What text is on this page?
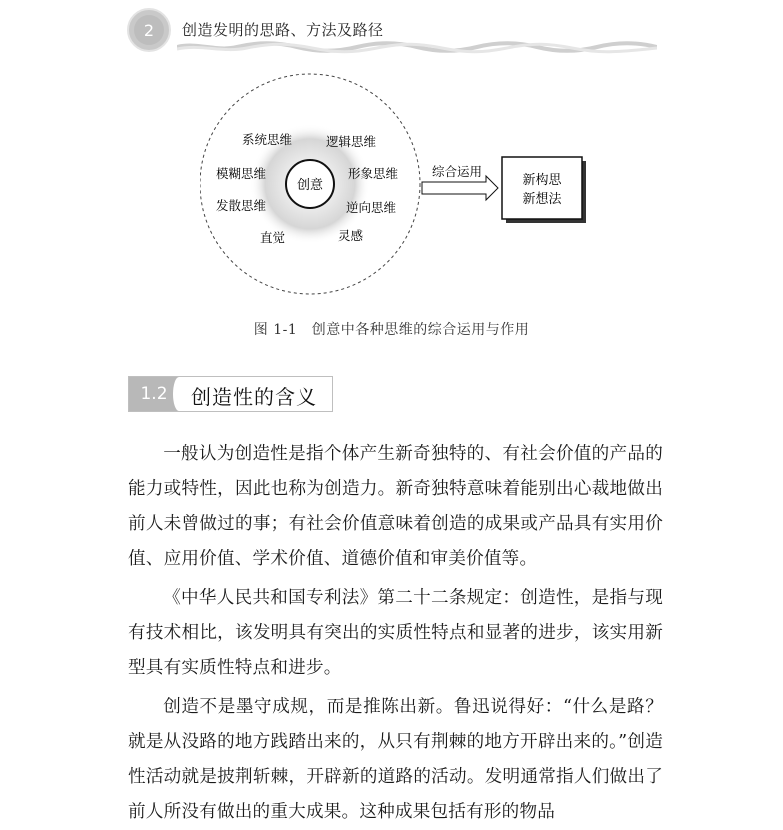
2	创造发明的思路、方法及路径
创意
系统思维	逻辑思维
模糊思维	形象思维
发散思维	逆向思维
直觉	灵感
综合运用
新构思
新想法
图 1-1　创意中各种思维的综合运用与作用
1.2	创造性的含义

一般认为创造性是指个体产生新奇独特的、有社会价值的产品的能力或特性，因此也称为创造力。新奇独特意味着能别出心裁地做出前人未曾做过的事；有社会价值意味着创造的成果或产品具有实用价值、应用价值、学术价值、道德价值和审美价值等。

《中华人民共和国专利法》第二十二条规定：创造性，是指与现有技术相比，该发明具有突出的实质性特点和显著的进步，该实用新型具有实质性特点和进步。

创造不是墨守成规，而是推陈出新。鲁迅说得好：“什么是路？就是从没路的地方践踏出来的，从只有荆棘的地方开辟出来的。”创造性活动就是披荆斩棘，开辟新的道路的活动。发明通常指人们做出了前人所没有做出的重大成果。这种成果包括有形的物品
